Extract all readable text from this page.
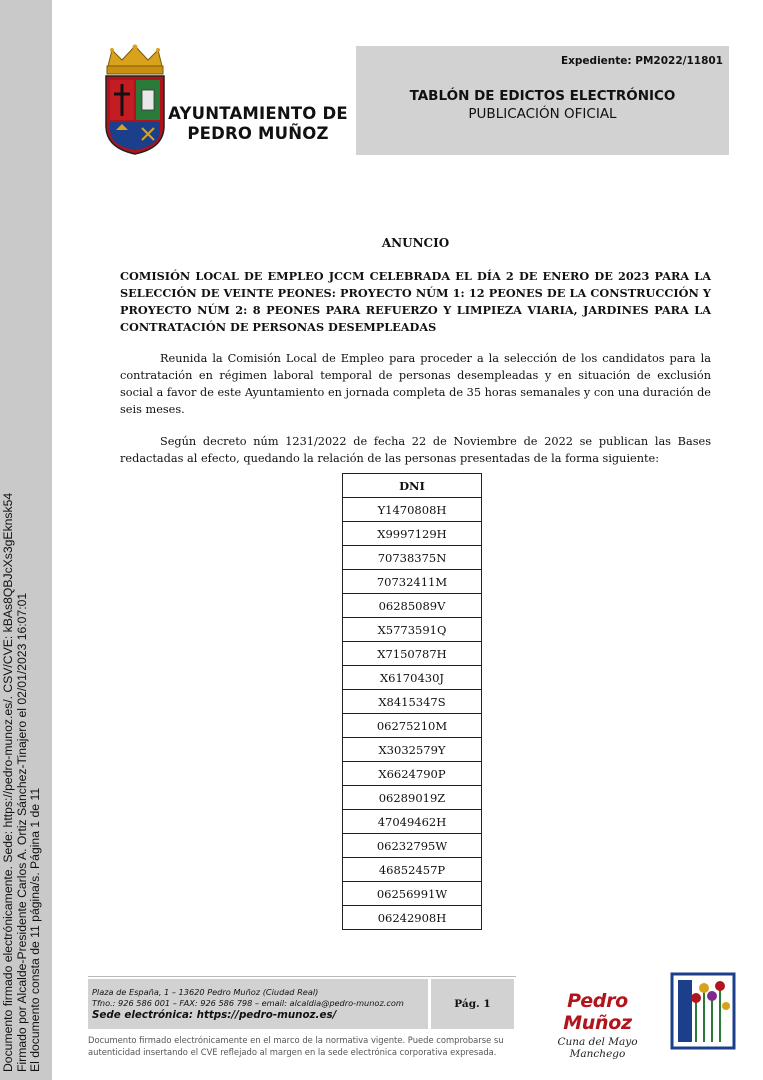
Documento firmado electrónicamente. Sede: https://pedro-munoz.es/. CSV/CVE: kBAs8QBJcXs3gEknsk54 Firmado por Alcalde-Presidente Carlos A. Ortiz Sánchez-Tinajero el 02/01/2023 16:07:01 El documento consta de 11 página/s. Página 1 de 11
AYUNTAMIENTO DE
PEDRO MUÑOZ
Expediente: PM2022/11801
TABLÓN DE EDICTOS ELECTRÓNICO
PUBLICACIÓN OFICIAL
ANUNCIO
COMISIÓN LOCAL DE EMPLEO JCCM CELEBRADA EL DÍA 2 DE ENERO DE 2023 PARA LA SELECCIÓN DE VEINTE PEONES: PROYECTO NÚM 1: 12 PEONES DE LA CONSTRUCCIÓN Y PROYECTO NÚM 2: 8 PEONES PARA REFUERZO Y LIMPIEZA VIARIA, JARDINES PARA LA CONTRATACIÓN DE PERSONAS DESEMPLEADAS
Reunida la Comisión Local de Empleo para proceder a la selección de los candidatos para la contratación en régimen laboral temporal de personas desempleadas y en situación de exclusión social a favor de este Ayuntamiento en jornada completa de 35 horas semanales y con una duración de seis meses.
Según decreto núm 1231/2022 de fecha 22 de Noviembre de 2022 se publican las Bases redactadas al efecto, quedando la relación de las personas presentadas de la forma siguiente:
DNI
Y1470808H
X9997129H
70738375N
70732411M
06285089V
X5773591Q
X7150787H
X6170430J
X8415347S
06275210M
X3032579Y
X6624790P
06289019Z
47049462H
06232795W
46852457P
06256991W
06242908H
Plaza de España, 1 – 13620 Pedro Muñoz (Ciudad Real)
Tfno.: 926 586 001 – FAX: 926 586 798 – email: alcaldia@pedro-munoz.com
Sede electrónica: https://pedro-munoz.es/
Pág. 1
Documento firmado electrónicamente en el marco de la normativa vigente. Puede comprobarse su autenticidad insertando el CVE reflejado al margen en la sede electrónica corporativa expresada.
Pedro Muñoz
Cuna del Mayo Manchego
